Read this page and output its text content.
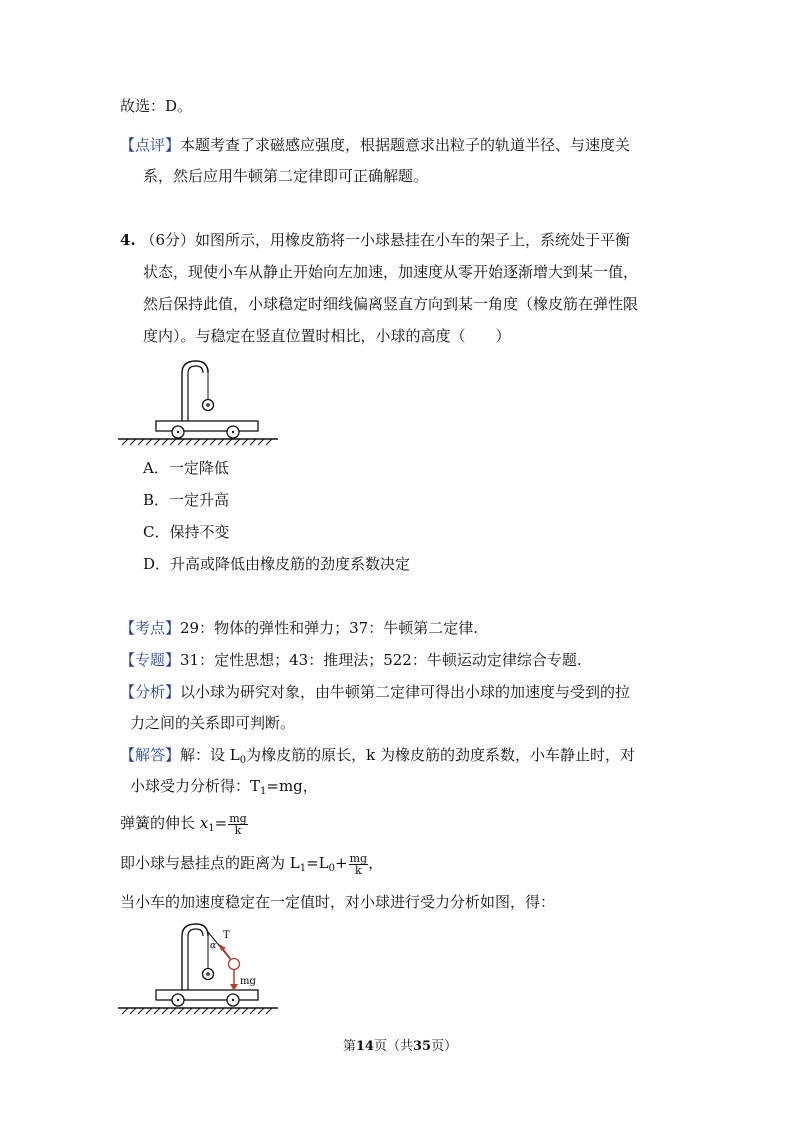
故选：D。
【点评】本题考查了求磁感应强度，根据题意求出粒子的轨道半径、与速度关
系，然后应用牛顿第二定律即可正确解题。
4. （6分）如图所示，用橡皮筋将一小球悬挂在小车的架子上，系统处于平衡
状态，现使小车从静止开始向左加速，加速度从零开始逐渐增大到某一值，
然后保持此值，小球稳定时细线偏离竖直方向到某一角度（橡皮筋在弹性限
度内）。与稳定在竖直位置时相比，小球的高度（　　）
A．一定降低
B．一定升高
C．保持不变
D．升高或降低由橡皮筋的劲度系数决定
【考点】29：物体的弹性和弹力；37：牛顿第二定律.
【专题】31：定性思想；43：推理法；522：牛顿运动定律综合专题.
【分析】以小球为研究对象，由牛顿第二定律可得出小球的加速度与受到的拉
力之间的关系即可判断。
【解答】解：设 $L_0$为橡皮筋的原长，k 为橡皮筋的劲度系数，小车静止时，对
小球受力分析得：$T_1=mg$，
弹簧的伸长 $x_1= \frac{mg}{k}$
即小球与悬挂点的距离为 $L_1=L_0+ \frac{mg}{k}$ ，
当小车的加速度稳定在一定值时，对小球进行受力分析如图，得：
T
α
mg
第14页（共35页）
